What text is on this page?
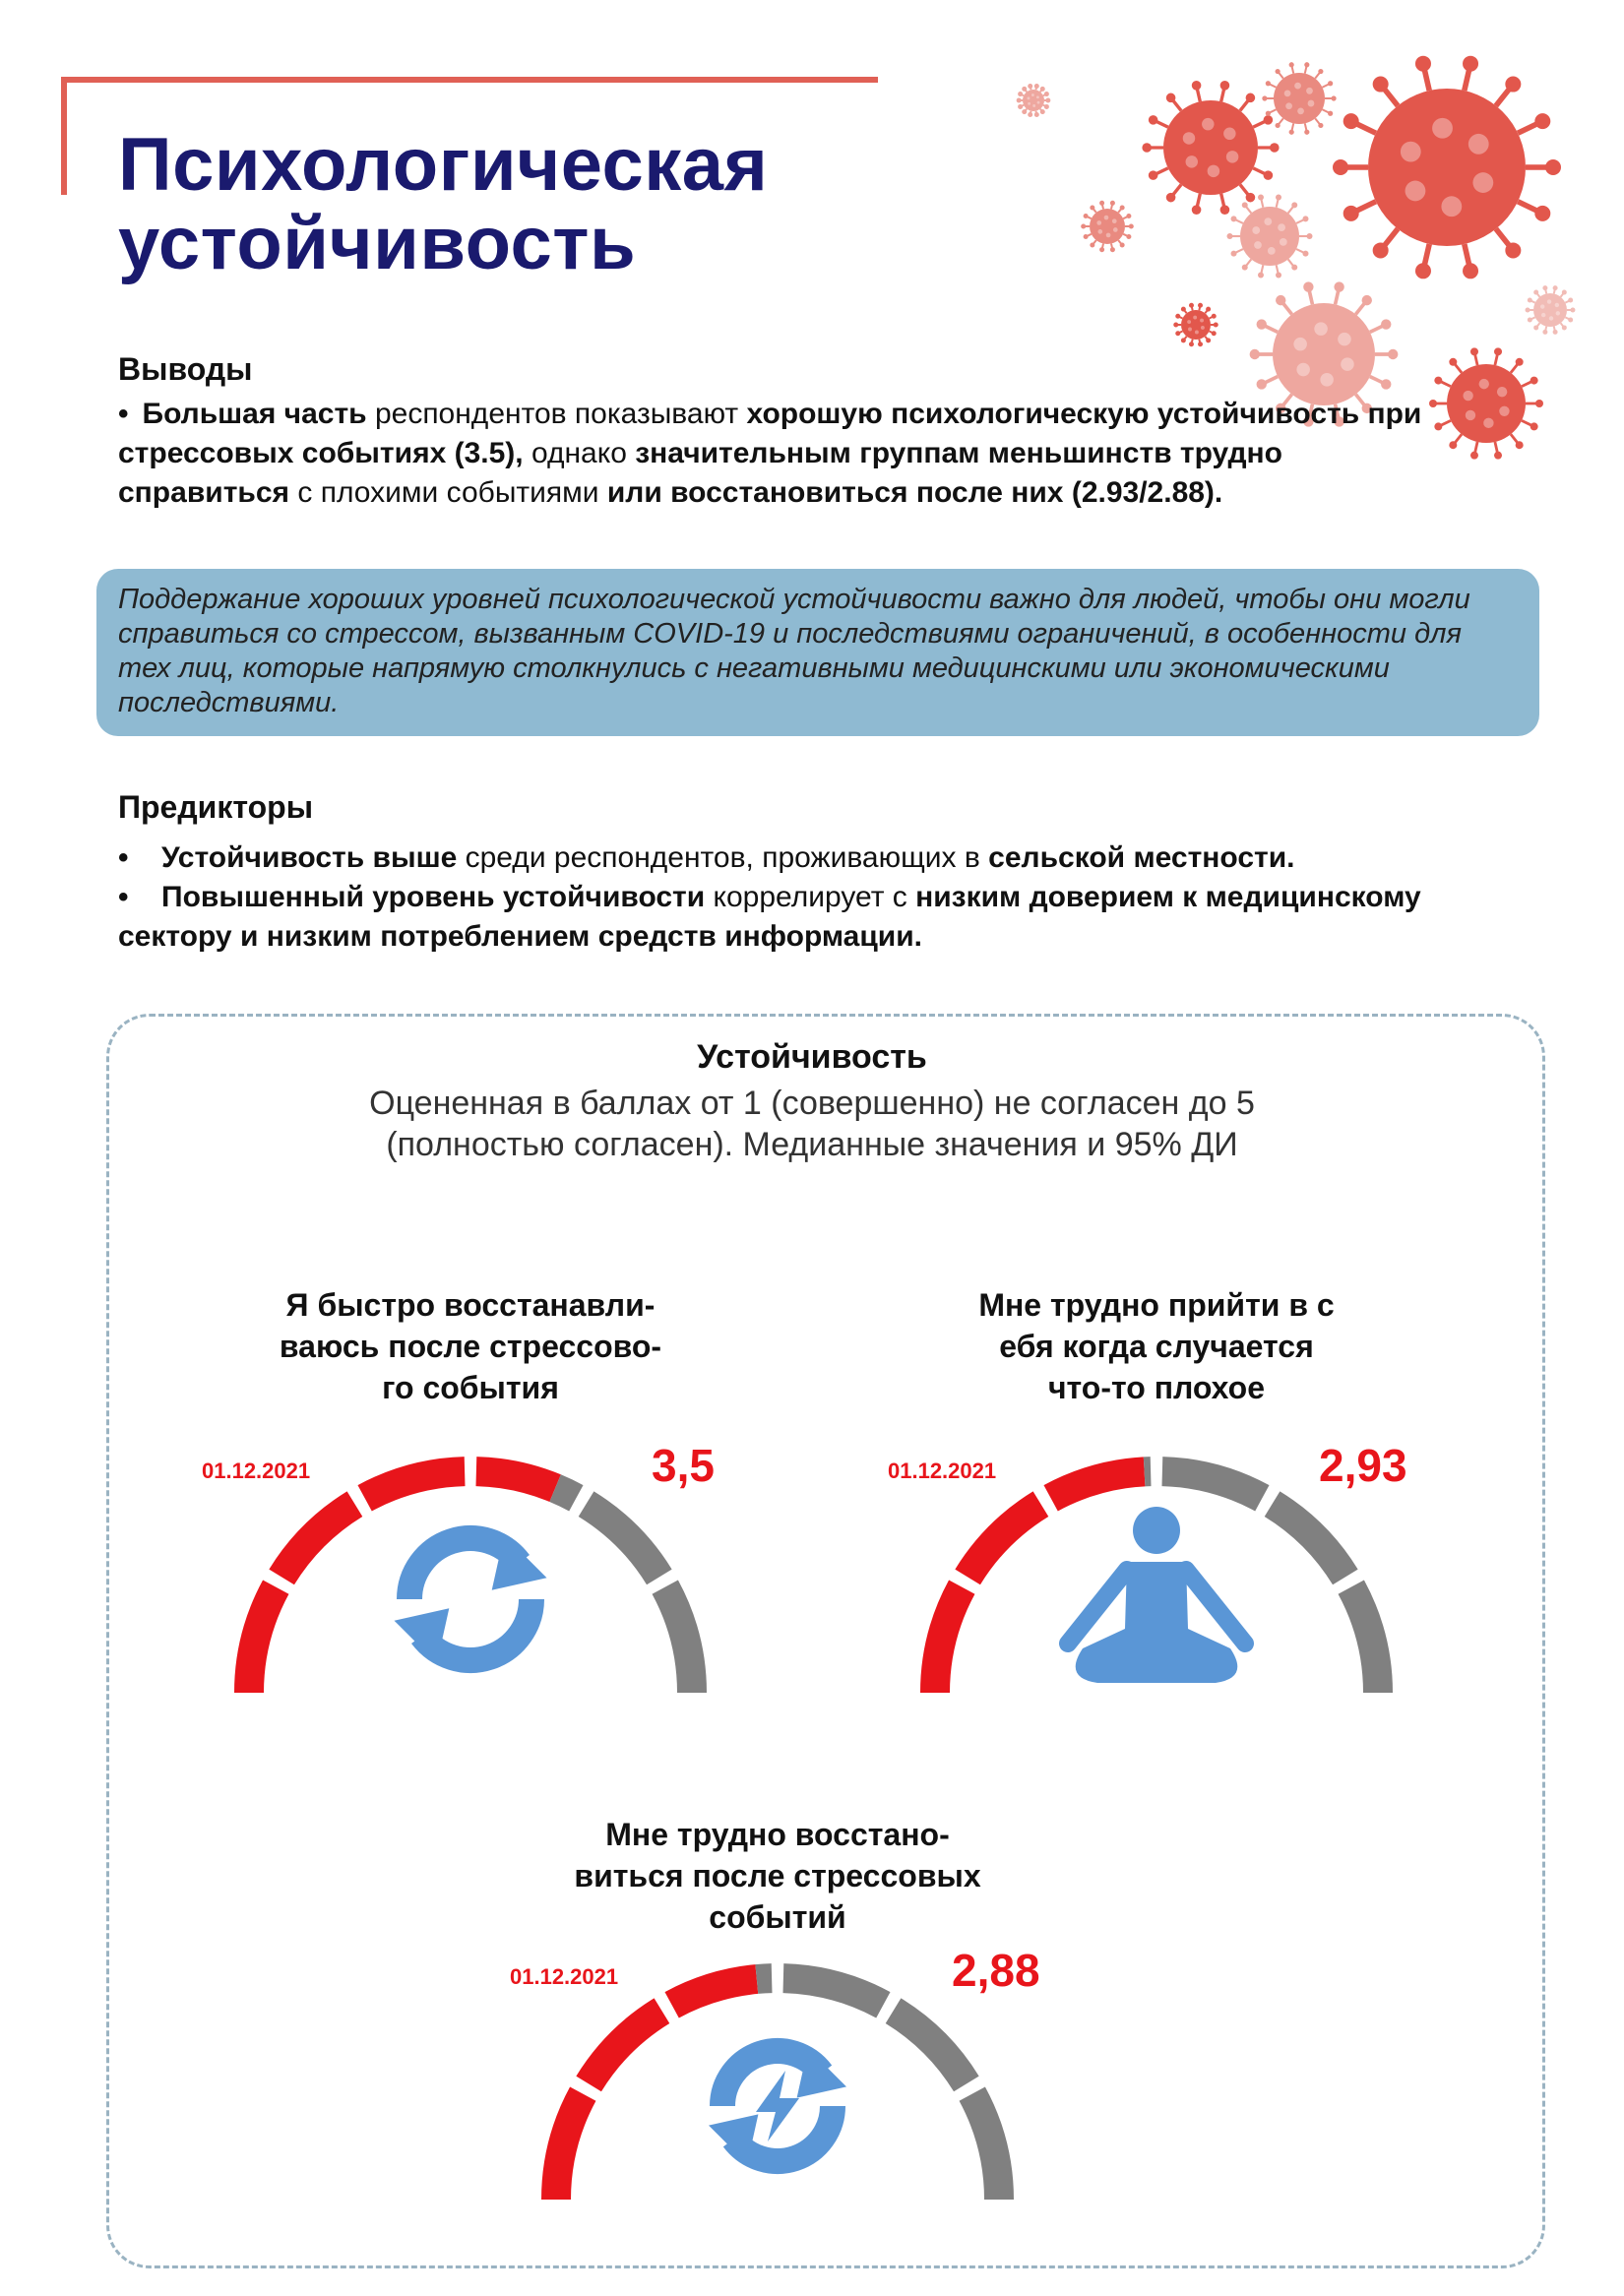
Психологическая
устойчивость
Выводы

• Большая часть респондентов показывают хорошую психологическую устойчивость при стрессовых событиях (3.5), однако значительным группам меньшинств трудно справиться с плохими событиями или восстановиться после них (2.93/2.88).

Поддержание хороших уровней психологической устойчивости важно для людей, чтобы они могли справиться со стрессом, вызванным COVID-19 и последствиями ограничений, в особенности для тех лиц, которые напрямую столкнулись с негативными медицинскими или экономическими последствиями.

Предикторы
• Устойчивость выше среди респондентов, проживающих в сельской местности.
• Повышенный уровень устойчивости коррелирует с низким доверием к медицинскому сектору и низким потреблением средств информации.
Устойчивость

Оцененная в баллах от 1 (совершенно) не согласен до 5
(полностью согласен). Медианные значения и 95% ДИ

Я быстро восстанавли-
ваюсь после стрессово-
го события
01.12.2021	3,5
Мне трудно прийти в с
ебя когда случается
что-то плохое
01.12.2021	2,93
Мне трудно восстано-
виться после стрессовых
событий
01.12.2021	2,88
